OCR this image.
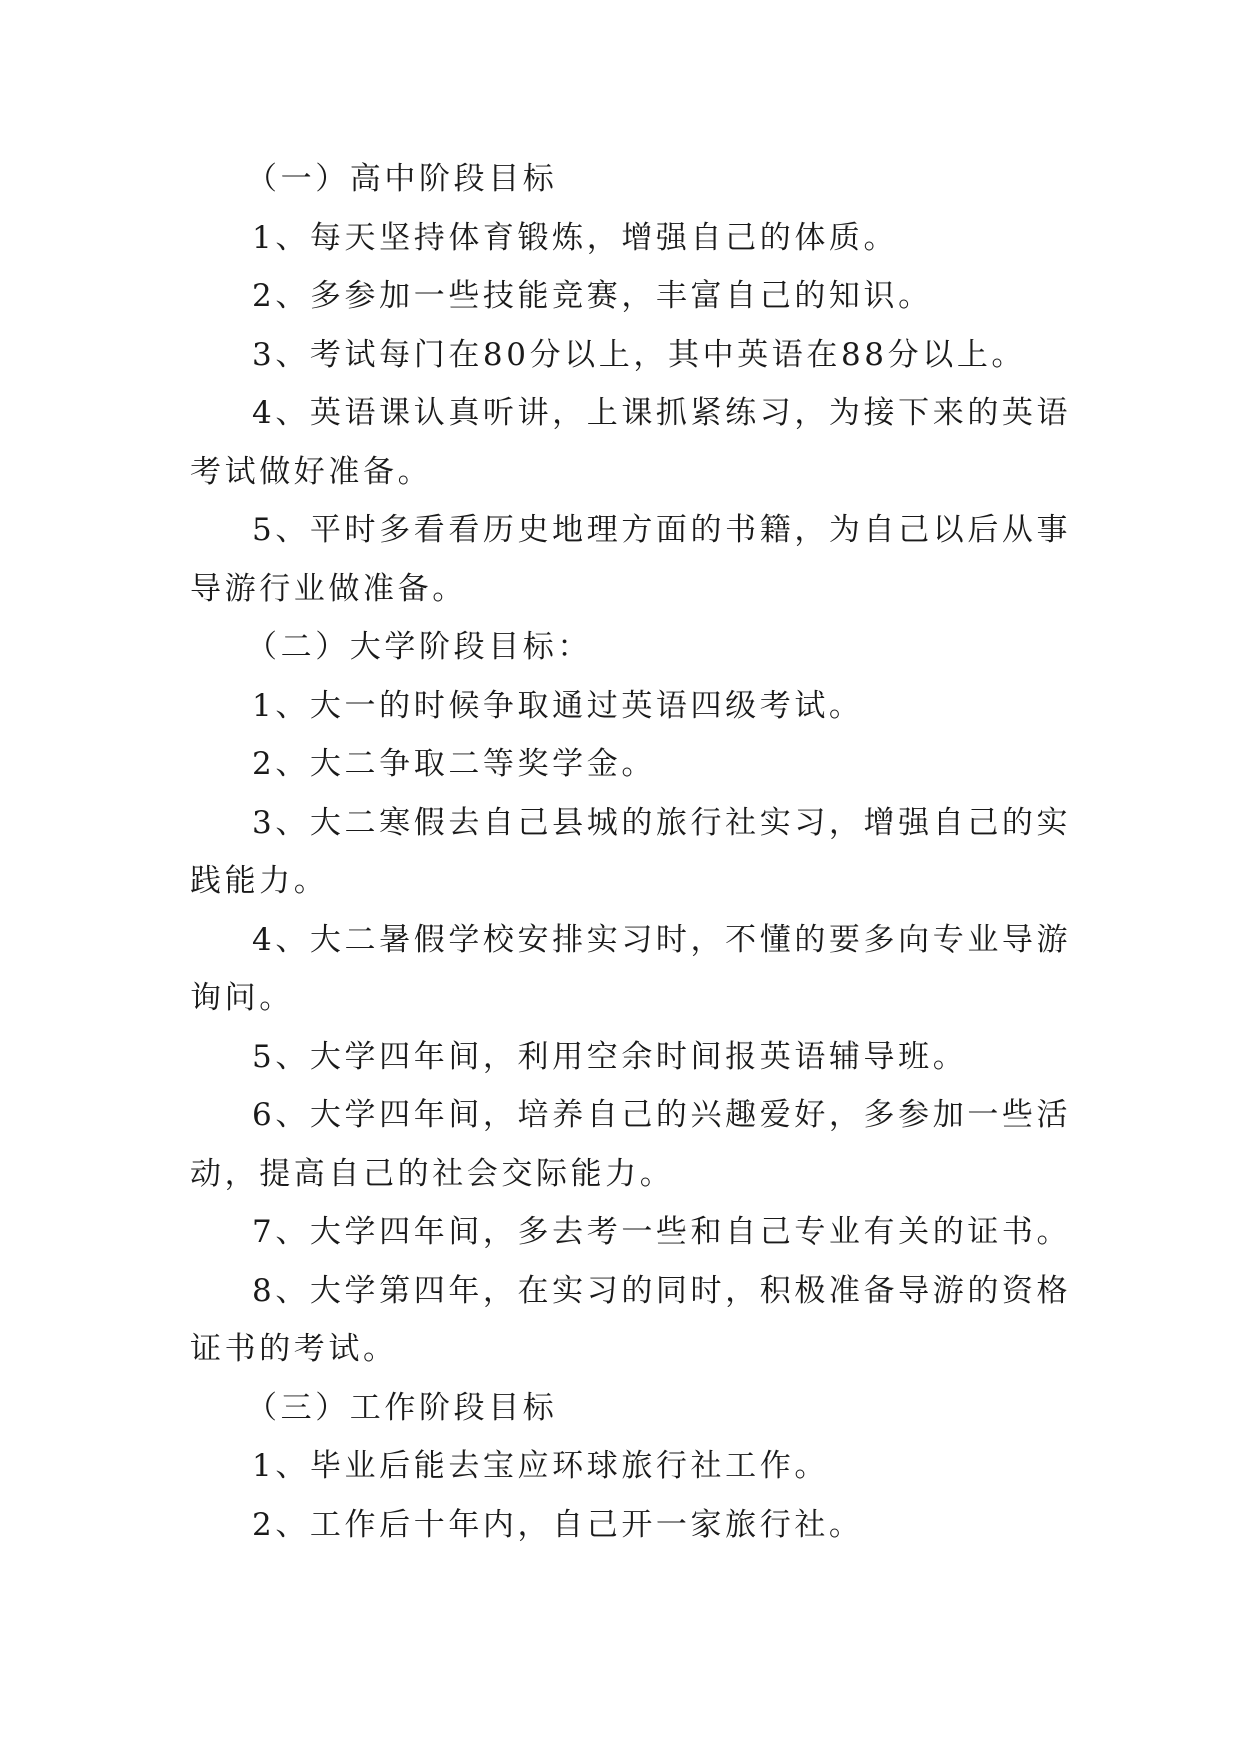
（一）高中阶段目标
1、每天坚持体育锻炼，增强自己的体质。
2、多参加一些技能竞赛，丰富自己的知识。
3、考试每门在80分以上，其中英语在88分以上。
4、英语课认真听讲，上课抓紧练习，为接下来的英语
考试做好准备。
5、平时多看看历史地理方面的书籍，为自己以后从事
导游行业做准备。
（二）大学阶段目标：
1、大一的时候争取通过英语四级考试。
2、大二争取二等奖学金。
3、大二寒假去自己县城的旅行社实习，增强自己的实
践能力。
4、大二暑假学校安排实习时，不懂的要多向专业导游
询问。
5、大学四年间，利用空余时间报英语辅导班。
6、大学四年间，培养自己的兴趣爱好，多参加一些活
动，提高自己的社会交际能力。
7、大学四年间，多去考一些和自己专业有关的证书。
8、大学第四年，在实习的同时，积极准备导游的资格
证书的考试。
（三）工作阶段目标
1、毕业后能去宝应环球旅行社工作。
2、工作后十年内，自己开一家旅行社。
